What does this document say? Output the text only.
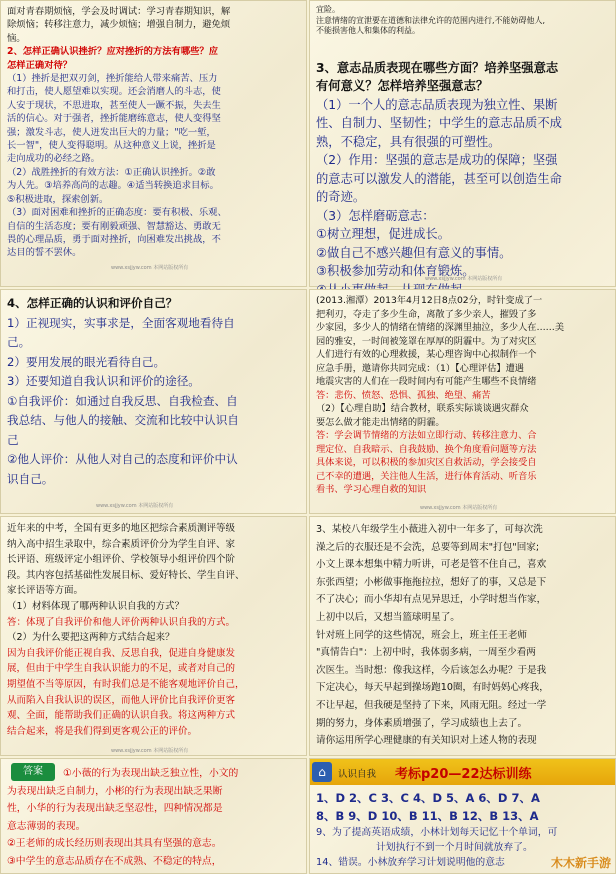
面对青春期烦恼，学会及时调试：学习青春期知识，解
除烦恼；转移注意力，减少烦恼；增强自制力，避免烦
恼。
2、怎样正确认识挫折？应对挫折的方法有哪些？应
怎样正确对待？
（1）挫折是把双刃剑，挫折能给人带来痛苦、压力
和打击，使人愿望难以实现。还会消磨人的斗志，使
人安于现状，不思进取，甚至使人一蹶不振，失去生
活的信心。对于强者，挫折能磨练意志，使人变得坚
强；激发斗志，使人迸发出巨大的力量；"吃一堑，
长一智"，使人变得聪明。从这种意义上说，挫折是
走向成功的必经之路。
（2）战胜挫折的有效方法：①正确认识挫折。②敢
为人先。③培养高尚的志趣。④适当转换追求目标。
⑤积极进取，探索创新。
（3）面对困难和挫折的正确态度：要有积极、乐观、
自信的生活态度；要有刚毅顽强、智慧豁达、勇敢无
畏的心理品质，勇于面对挫折，向困难发出挑战，不
达目的誓不罢休。
www.xsjjyw.com 本网站版权所有
宜险。
注意情绪的宣泄要在道德和法律允许的范围内进行,不能妨碍他人,
不能损害他人和集体的利益。
3、意志品质表现在哪些方面？培养坚强意志
有何意义？怎样培养坚强意志？
（1）一个人的意志品质表现为独立性、果断
性、自制力、坚韧性；中学生的意志品质不成
熟，不稳定，具有很强的可塑性。
（2）作用：坚强的意志是成功的保障；坚强
的意志可以激发人的潜能，甚至可以创造生命
的奇迹。
（3）怎样磨砺意志：
①树立理想，促进成长。
②做自己不感兴趣但有意义的事情。
③积极参加劳动和体育锻炼。
www.xsjjyw.com 本网站版权所有
4、怎样正确的认识和评价自己？
1）正视现实，实事求是，全面客观地看待自
己。
2）要用发展的眼光看待自己。
3）还要知道自我认识和评价的途径。
①自我评价：如通过自我反思、自我检查、自
我总结、与他人的接触、交流和比较中认识自
己
②他人评价：从他人对自己的态度和评价中认
识自己。
www.xsjjyw.com 本网站版权所有
(2013.湘潭）2013年4月12日8点02分，时针变成了一
把利刃，夺走了多少生命，离散了多少亲人，摧毁了多
少家园，多少人的情绪在情绪的深渊里抽泣，多少人在……美
园的雅安，一时间被笼罩在厚厚的阴霾中。为了对灾区
人们进行有效的心理救援，某心理咨询中心拟制作一个
应急手册，邀请你共同完成：（1）【心理评估】遭遇
地震灾害的人们在一段时间内有可能产生哪些不良情绪
答：悲伤、愤怒、恐惧、孤独、绝望、痛苦
（2）【心理自助】结合教材，联系实际谈谈遇灾群众
要怎么做才能走出情绪的阴霾。
答：学会调节情绪的方法如立即行动、转移注意力、合
理定位、自我暗示、自我鼓励、换个角度看问题等方法
具体来说，可以积极的参加灾区自救活动，学会接受自
己不幸的遭遇，关注他人生活，进行体育活动、听音乐
看书、学习心理自救的知识
www.xsjjyw.com 本网站版权所有
近年来的中考，全国有更多的地区把综合素质测评等级
纳入高中招生录取中，综合素质评价分为学生自评、家
长评语、班级评定小组评价、学校领导小组评价四个阶
段。其内容包括基础性发展目标、爱好特长、学生自评、
家长评语等方面。
（1）材料体现了哪两种认识自我的方式？
答：体现了自我评价和他人评价两种认识自我的方式。
（2）为什么要把这两种方式结合起来？
因为自我评价能正视自我、反思自我，促进自身健康发
展，但由于中学生自我认识能力的不足，或者对自己的
期望值不当等原因，有时我们总是不能客观地评价自己，
从而陷入自我认识的误区，而他人评价比自我评价更客
观、全面，能帮助我们正确的认识自我。将这两种方式
结合起来，将是我们得到更客观公正的评价。
www.xsjjyw.com 本网站版权所有
3、某校八年级学生小薇进入初中一年多了，可每次洗
澡之后的衣服还是不会洗，总要等到周末"打包"回家;
小文上课本想集中精力听讲，可老是管不住自己，喜欢
东张西望；小彬做事拖拖拉拉，想好了的事，又总是下
不了决心；而小华却有点见异思迁，小学时想当作家，
上初中以后，又想当篮球明星了。
针对班上同学的这些情况，班会上，班主任王老师
"真情告白"：上初中时，我体弱多病，一周至少看两
次医生。当时想：像我这样，今后该怎么办呢？于是我
下定决心，每天早起到操场跑10圈，有时妈妈心疼我，
不让早起，但我硬是坚持了下来，风雨无阻。经过一学
期的努力，身体素质增强了，学习成绩也上去了。
请你运用所学心理健康的有关知识对上述人物的表现
答案	①小薇的行为表现出缺乏独立性，小文的
为表现出缺乏自制力，小彬的行为表现出缺乏果断
性，小华的行为表现出缺乏坚忍性，四种情况都是
意志薄弱的表现。
②王老师的成长经历则表现出其具有坚强的意志。
③中学生的意志品质存在不成熟、不稳定的特点，
⌂	认识自我 考标p20—22达标训练
1、D 2、C 3、C 4、D 5、A 6、D 7、A
8、B 9、D 10、B 11、B 12、B 13、A
9、为了提高英语成绩，小林计划每天记忆十个单词，可
计划执行不到一个月时间就放弃了。
14、错误。小林放弃学习计划说明他的意志	木木新手游
